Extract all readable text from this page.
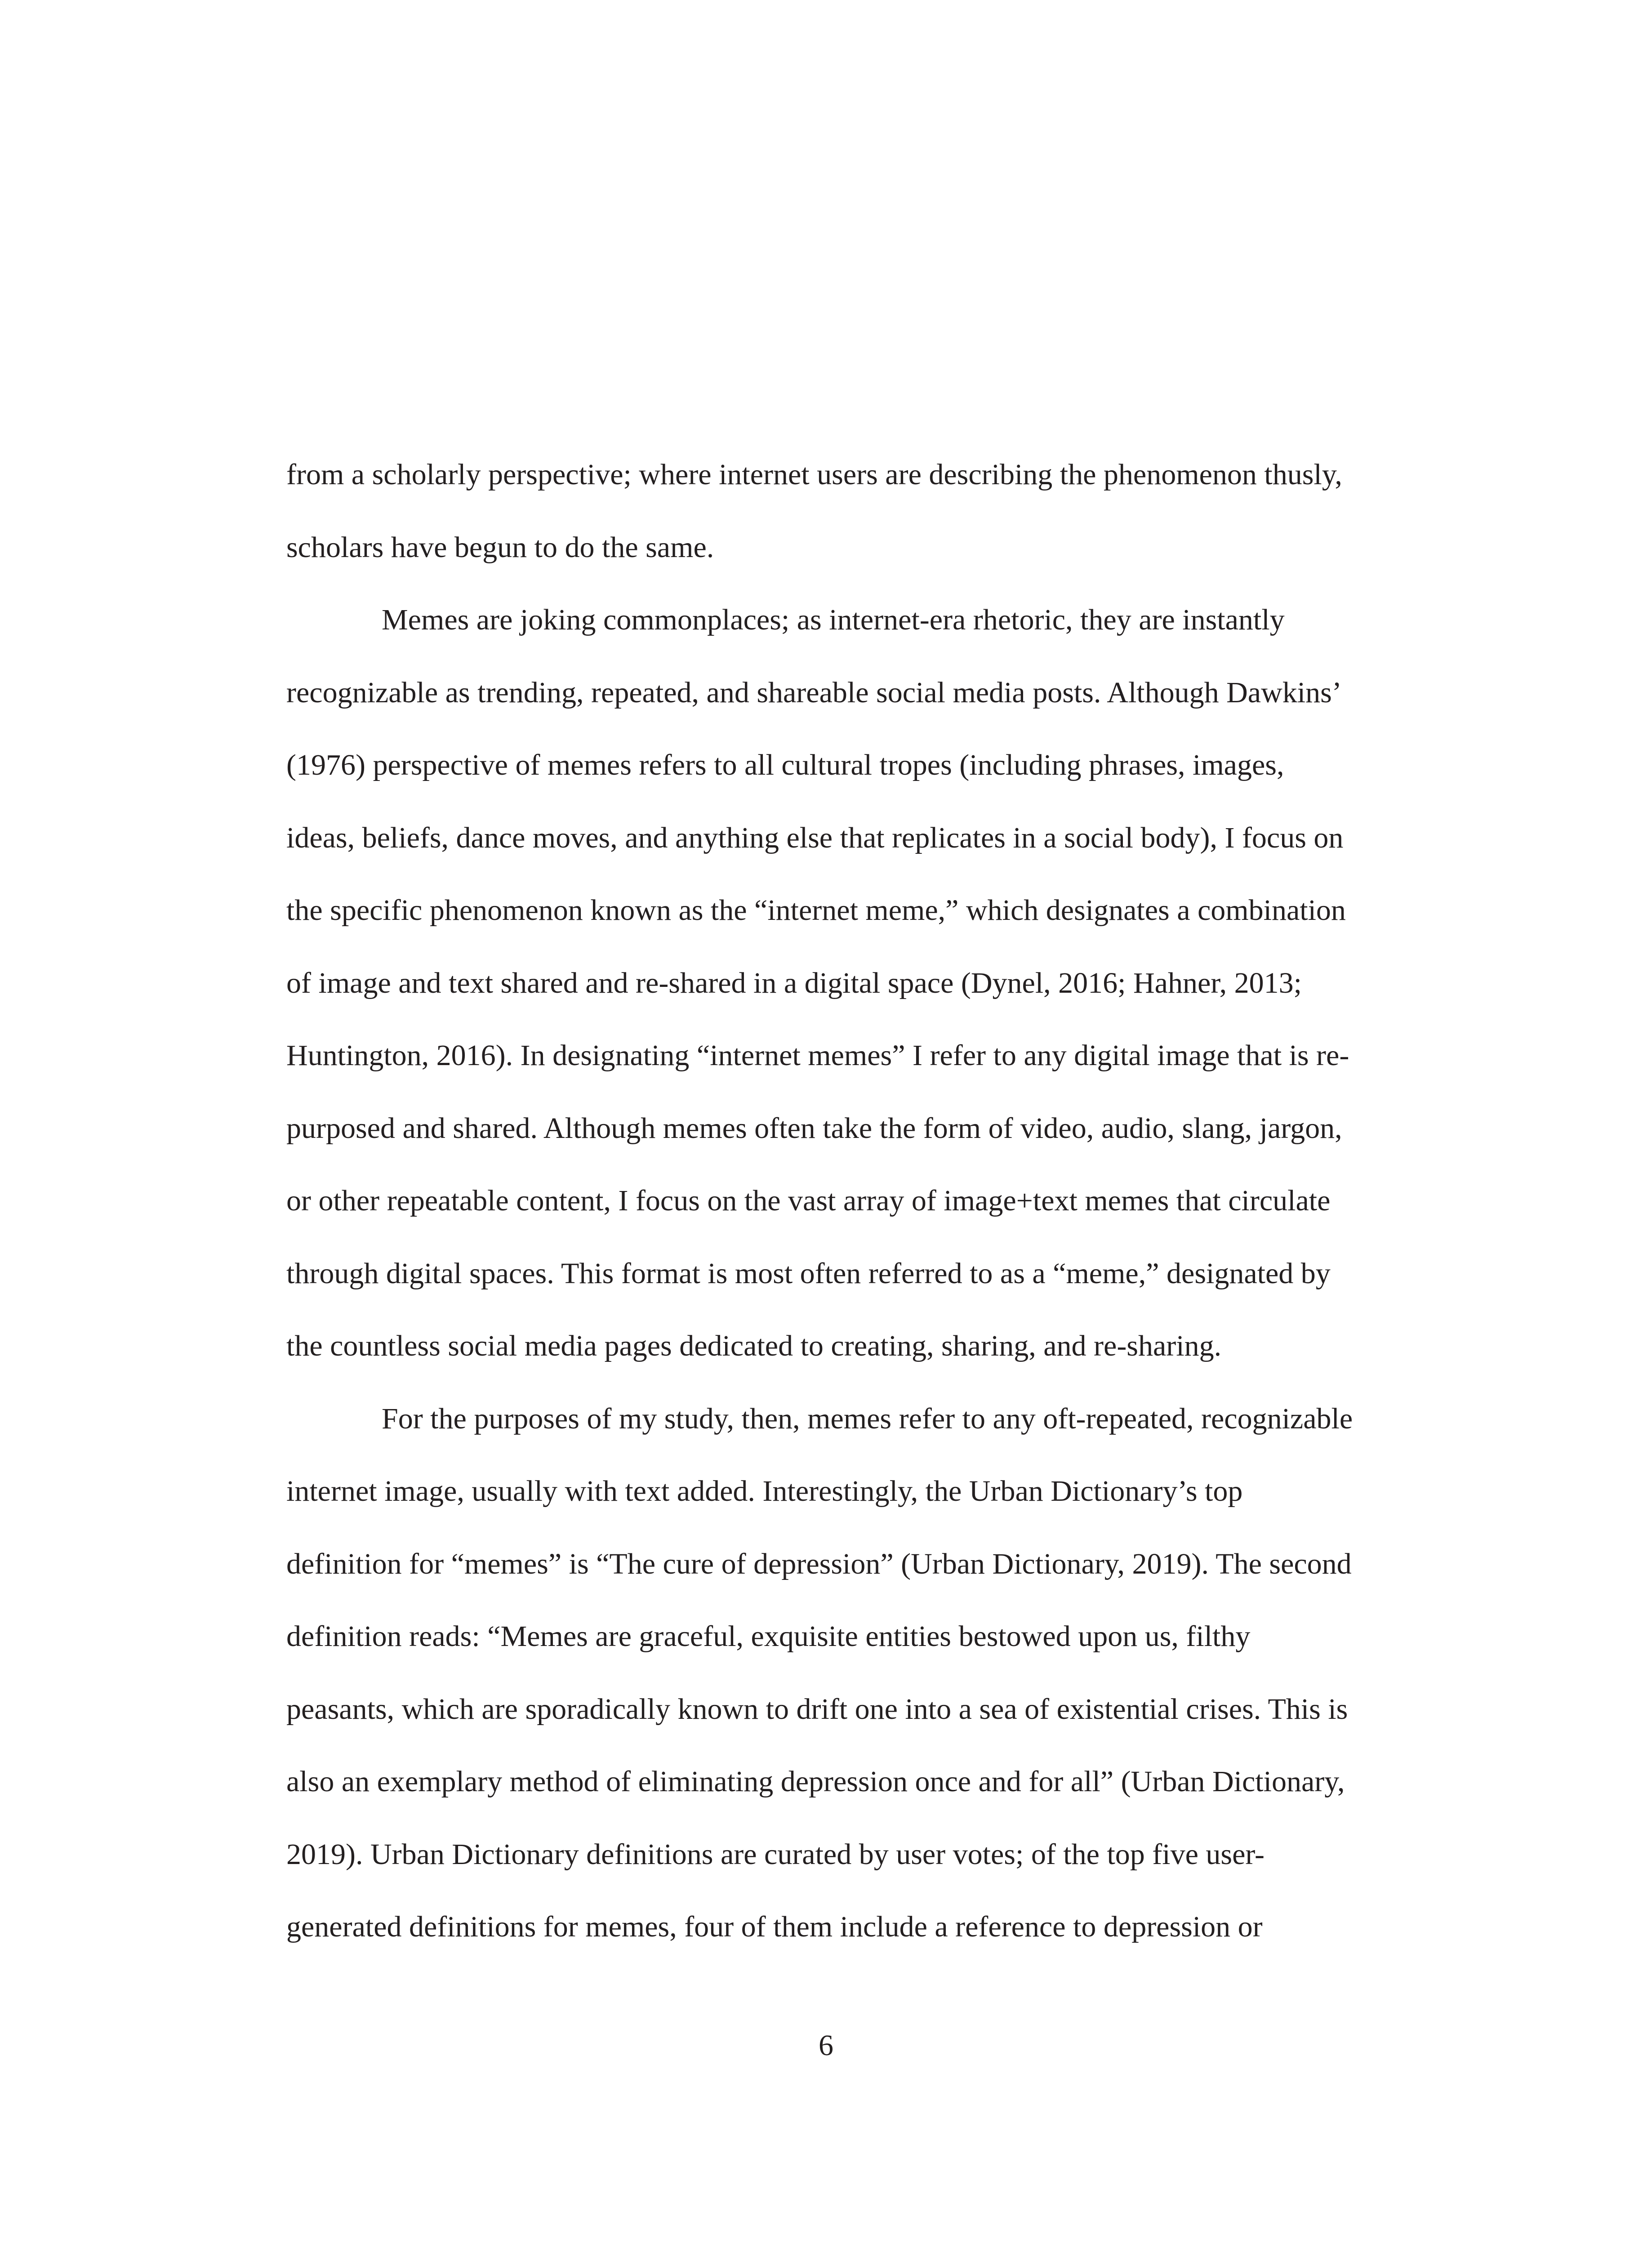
from a scholarly perspective; where internet users are describing the phenomenon thusly,
scholars have begun to do the same.
Memes are joking commonplaces; as internet-era rhetoric, they are instantly
recognizable as trending, repeated, and shareable social media posts. Although Dawkins’
(1976) perspective of memes refers to all cultural tropes (including phrases, images,
ideas, beliefs, dance moves, and anything else that replicates in a social body), I focus on
the specific phenomenon known as the “internet meme,” which designates a combination
of image and text shared and re-shared in a digital space (Dynel, 2016; Hahner, 2013;
Huntington, 2016). In designating “internet memes” I refer to any digital image that is re-
purposed and shared. Although memes often take the form of video, audio, slang, jargon,
or other repeatable content, I focus on the vast array of image+text memes that circulate
through digital spaces. This format is most often referred to as a “meme,” designated by
the countless social media pages dedicated to creating, sharing, and re-sharing.
For the purposes of my study, then, memes refer to any oft-repeated, recognizable
internet image, usually with text added. Interestingly, the Urban Dictionary’s top
definition for “memes” is “The cure of depression” (Urban Dictionary, 2019). The second
definition reads: “Memes are graceful, exquisite entities bestowed upon us, filthy
peasants, which are sporadically known to drift one into a sea of existential crises. This is
also an exemplary method of eliminating depression once and for all” (Urban Dictionary,
2019). Urban Dictionary definitions are curated by user votes; of the top five user-
generated definitions for memes, four of them include a reference to depression or
6
